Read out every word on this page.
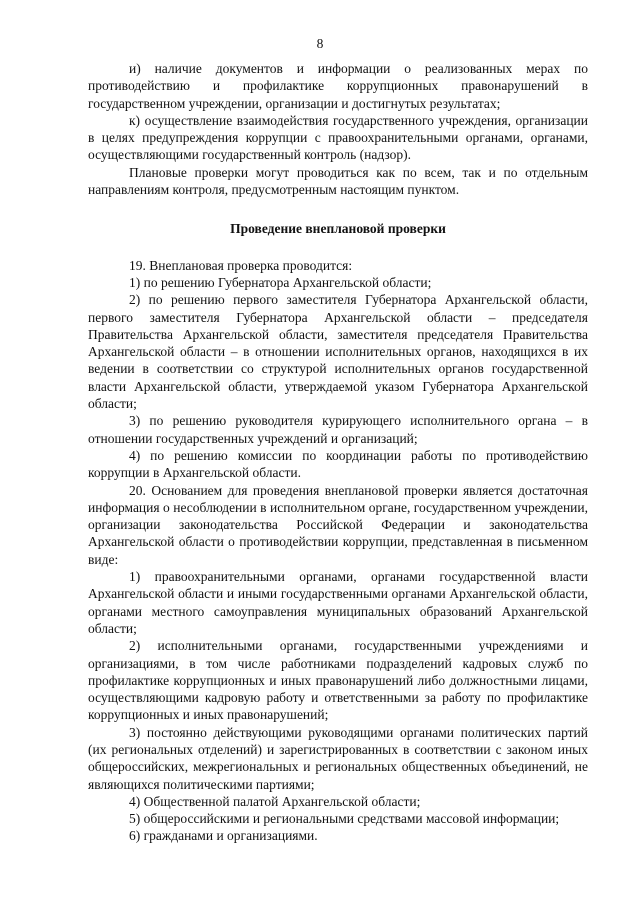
8

и) наличие документов и информации о реализованных мерах по противодействию и профилактике коррупционных правонарушений в государственном учреждении, организации и достигнутых результатах;

к) осуществление взаимодействия государственного учреждения, организации в целях предупреждения коррупции с правоохранительными органами, органами, осуществляющими государственный контроль (надзор).

Плановые проверки могут проводиться как по всем, так и по отдельным направлениям контроля, предусмотренным настоящим пунктом.

Проведение внеплановой проверки

19. Внеплановая проверка проводится:

1) по решению Губернатора Архангельской области;

2) по решению первого заместителя Губернатора Архангельской области, первого заместителя Губернатора Архангельской области – председателя Правительства Архангельской области, заместителя председателя Правительства Архангельской области – в отношении исполнительных органов, находящихся в их ведении в соответствии со структурой исполнительных органов государственной власти Архангельской области, утверждаемой указом Губернатора Архангельской области;

3) по решению руководителя курирующего исполнительного органа – в отношении государственных учреждений и организаций;

4) по решению комиссии по координации работы по противодействию коррупции в Архангельской области.

20. Основанием для проведения внеплановой проверки является достаточная информация о несоблюдении в исполнительном органе, государственном учреждении, организации законодательства Российской Федерации и законодательства Архангельской области о противодействии коррупции, представленная в письменном виде:

1) правоохранительными органами, органами государственной власти Архангельской области и иными государственными органами Архангельской области, органами местного самоуправления муниципальных образований Архангельской области;

2) исполнительными органами, государственными учреждениями и организациями, в том числе работниками подразделений кадровых служб по профилактике коррупционных и иных правонарушений либо должностными лицами, осуществляющими кадровую работу и ответственными за работу по профилактике коррупционных и иных правонарушений;

3) постоянно действующими руководящими органами политических партий (их региональных отделений) и зарегистрированных в соответствии с законом иных общероссийских, межрегиональных и региональных общественных объединений, не являющихся политическими партиями;

4) Общественной палатой Архангельской области;

5) общероссийскими и региональными средствами массовой информации;

6) гражданами и организациями.
